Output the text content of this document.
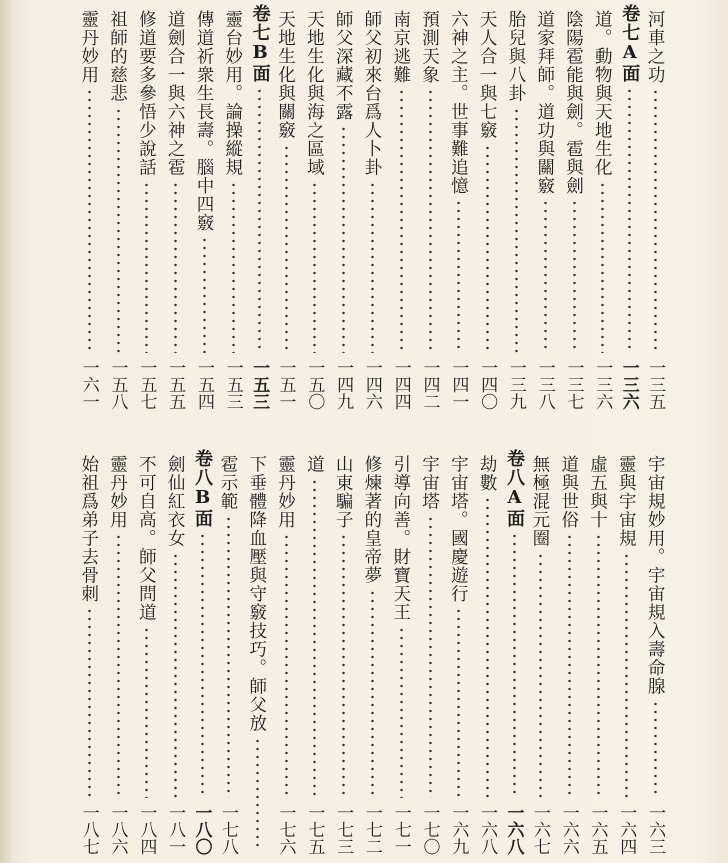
河車之功
一三五
卷七A面
一三六
道。動物與天地生化
一三六
陰陽雹能與劍。雹與劍
一三七
道家拜師。道功與關竅
一三八
胎兒與八卦
一三九
天人合一與七竅
一四〇
六神之主。世事難追憶
一四一
預測天象
一四二
南京逃難
一四四
師父初來台爲人卜卦
一四六
師父深藏不露
一四九
天地生化與海之區域
一五〇
天地生化與關竅
一五一
卷七B面
一五三
靈台妙用。論操縱規
一五三
傳道祈衆生長壽。腦中四竅
一五四
道劍合一與六神之雹
一五五
修道要多參悟少說話
一五七
祖師的慈悲
一五八
靈丹妙用
一六一
宇宙規妙用。宇宙規入壽命腺
一六三
靈與宇宙規
一六四
虛五與十
一六五
道與世俗
一六六
無極混元圈
一六七
卷八A面
一六八
劫數
一六八
宇宙塔。國慶遊行
一六九
宇宙塔
一七〇
引導向善。財寶天王
一七一
修煉著的皇帝夢
一七二
山東騙子
一七三
道
一七五
靈丹妙用
一七六
下垂體降血壓與守竅技巧。師父放
雹示範
一七八
卷八B面
一八〇
劍仙紅衣女
一八一
不可自高。師父問道
一八四
靈丹妙用
一八六
始祖爲弟子去骨刺
一八七
